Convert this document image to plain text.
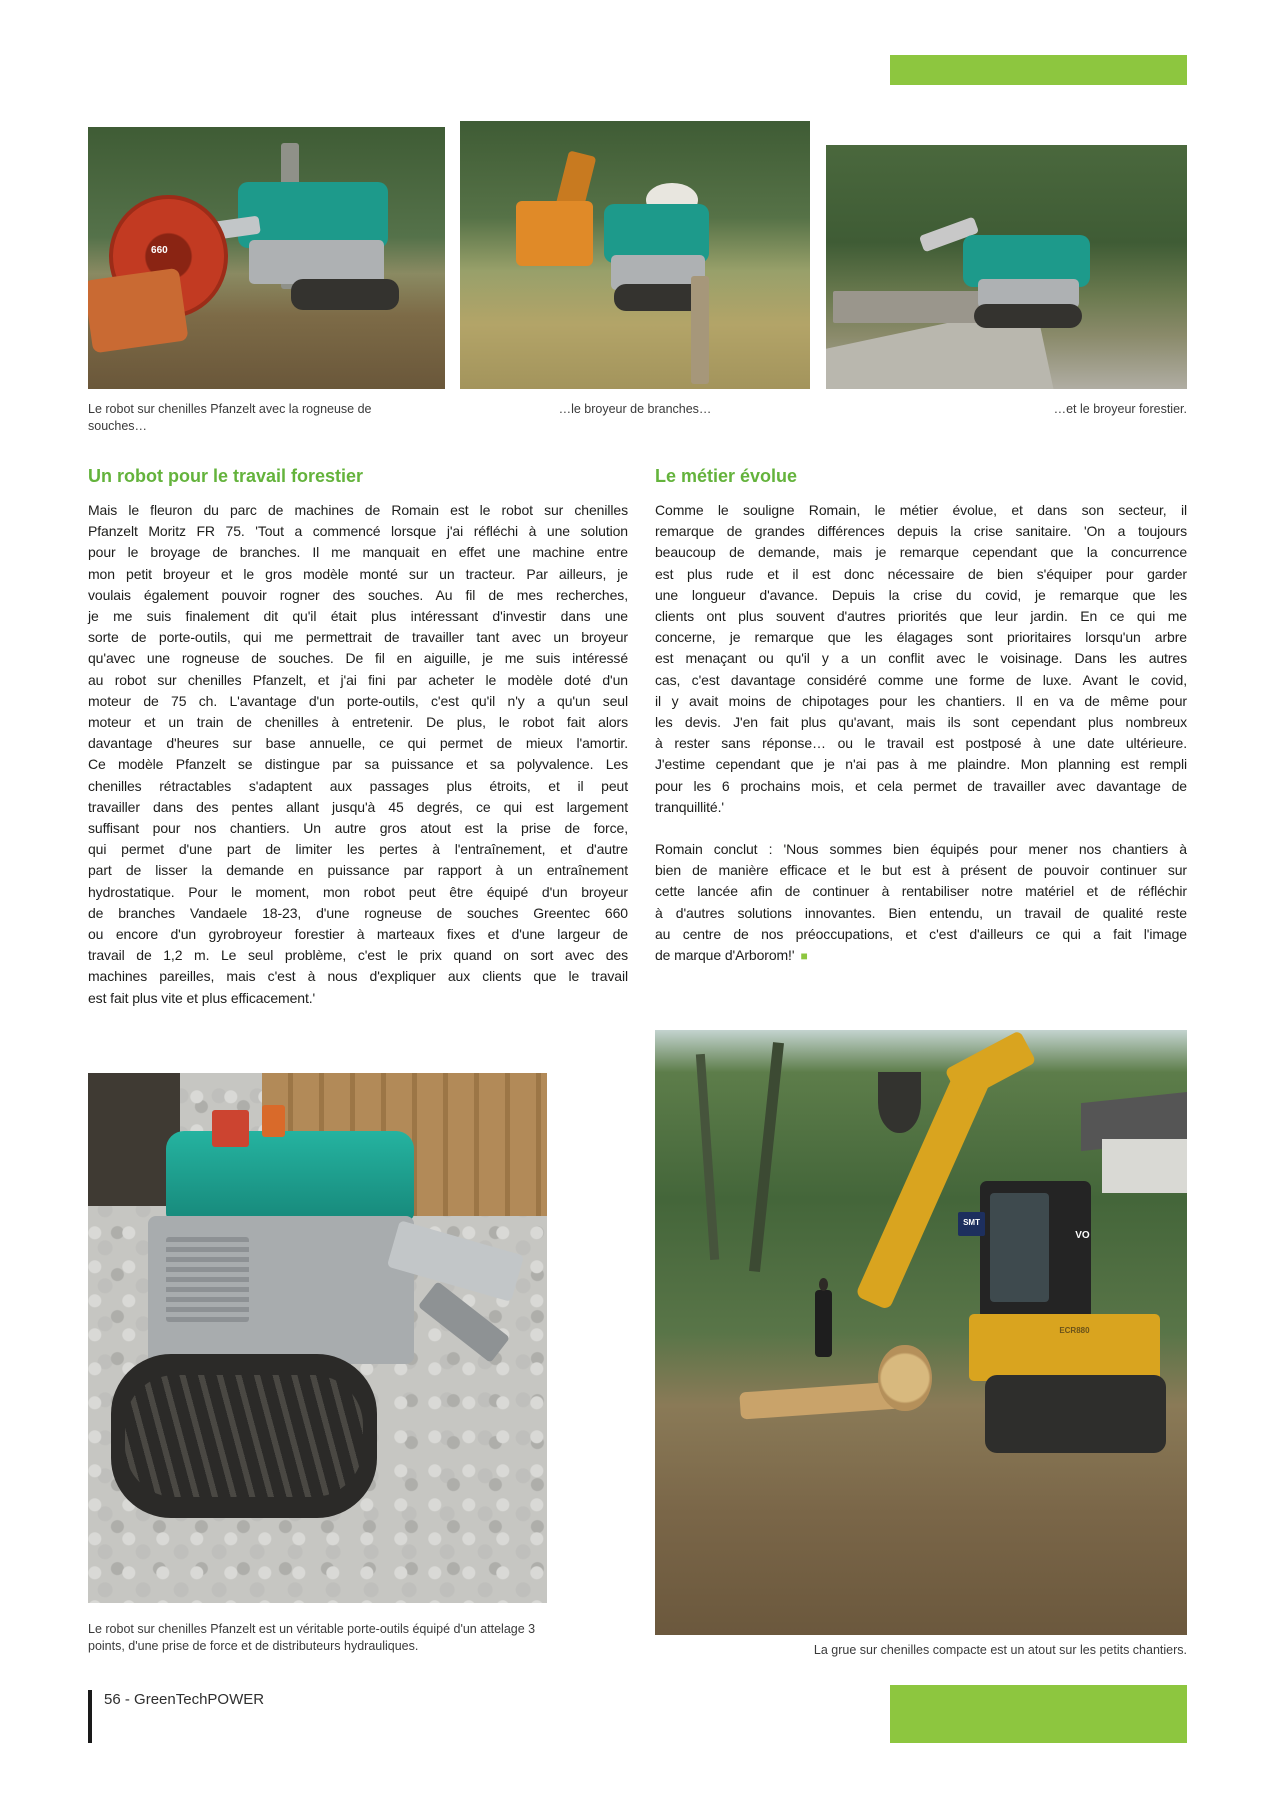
660
Le robot sur chenilles Pfanzelt avec la rogneuse de
souches…
…le broyeur de branches…	…et le broyeur forestier.
Un robot pour le travail forestier
Mais le fleuron du parc de machines de Romain est le robot sur chenilles
Pfanzelt Moritz FR 75. 'Tout a commencé lorsque j'ai réfléchi à une solution
pour le broyage de branches. Il me manquait en effet une machine entre
mon petit broyeur et le gros modèle monté sur un tracteur. Par ailleurs, je
voulais également pouvoir rogner des souches. Au fil de mes recherches,
je me suis finalement dit qu'il était plus intéressant d'investir dans une
sorte de porte-outils, qui me permettrait de travailler tant avec un broyeur
qu'avec une rogneuse de souches. De fil en aiguille, je me suis intéressé
au robot sur chenilles Pfanzelt, et j'ai fini par acheter le modèle doté d'un
moteur de 75 ch. L'avantage d'un porte-outils, c'est qu'il n'y a qu'un seul
moteur et un train de chenilles à entretenir. De plus, le robot fait alors
davantage d'heures sur base annuelle, ce qui permet de mieux l'amortir.
Ce modèle Pfanzelt se distingue par sa puissance et sa polyvalence. Les
chenilles rétractables s'adaptent aux passages plus étroits, et il peut
travailler dans des pentes allant jusqu'à 45 degrés, ce qui est largement
suffisant pour nos chantiers. Un autre gros atout est la prise de force,
qui permet d'une part de limiter les pertes à l'entraînement, et d'autre
part de lisser la demande en puissance par rapport à un entraînement
hydrostatique. Pour le moment, mon robot peut être équipé d'un broyeur
de branches Vandaele 18-23, d'une rogneuse de souches Greentec 660
ou encore d'un gyrobroyeur forestier à marteaux fixes et d'une largeur de
travail de 1,2 m. Le seul problème, c'est le prix quand on sort avec des
machines pareilles, mais c'est à nous d'expliquer aux clients que le travail
est fait plus vite et plus efficacement.'
Le métier évolue
Comme le souligne Romain, le métier évolue, et dans son secteur, il
remarque de grandes différences depuis la crise sanitaire. 'On a toujours
beaucoup de demande, mais je remarque cependant que la concurrence
est plus rude et il est donc nécessaire de bien s'équiper pour garder
une longueur d'avance. Depuis la crise du covid, je remarque que les
clients ont plus souvent d'autres priorités que leur jardin. En ce qui me
concerne, je remarque que les élagages sont prioritaires lorsqu'un arbre
est menaçant ou qu'il y a un conflit avec le voisinage. Dans les autres
cas, c'est davantage considéré comme une forme de luxe. Avant le covid,
il y avait moins de chipotages pour les chantiers. Il en va de même pour
les devis. J'en fait plus qu'avant, mais ils sont cependant plus nombreux
à rester sans réponse… ou le travail est postposé à une date ultérieure.
J'estime cependant que je n'ai pas à me plaindre. Mon planning est rempli
pour les 6 prochains mois, et cela permet de travailler avec davantage de
tranquillité.'
Romain conclut : 'Nous sommes bien équipés pour mener nos chantiers à
bien de manière efficace et le but est à présent de pouvoir continuer sur
cette lancée afin de continuer à rentabiliser notre matériel et de réfléchir
à d'autres solutions innovantes. Bien entendu, un travail de qualité reste
au centre de nos préoccupations, et c'est d'ailleurs ce qui a fait l'image
de marque d'Arborom!' ■
Le robot sur chenilles Pfanzelt est un véritable porte-outils équipé d'un attelage 3
points, d'une prise de force et de distributeurs hydrauliques.
VO
SMT
ECR880
La grue sur chenilles compacte est un atout sur les petits chantiers.
56 - GreenTechPOWER
